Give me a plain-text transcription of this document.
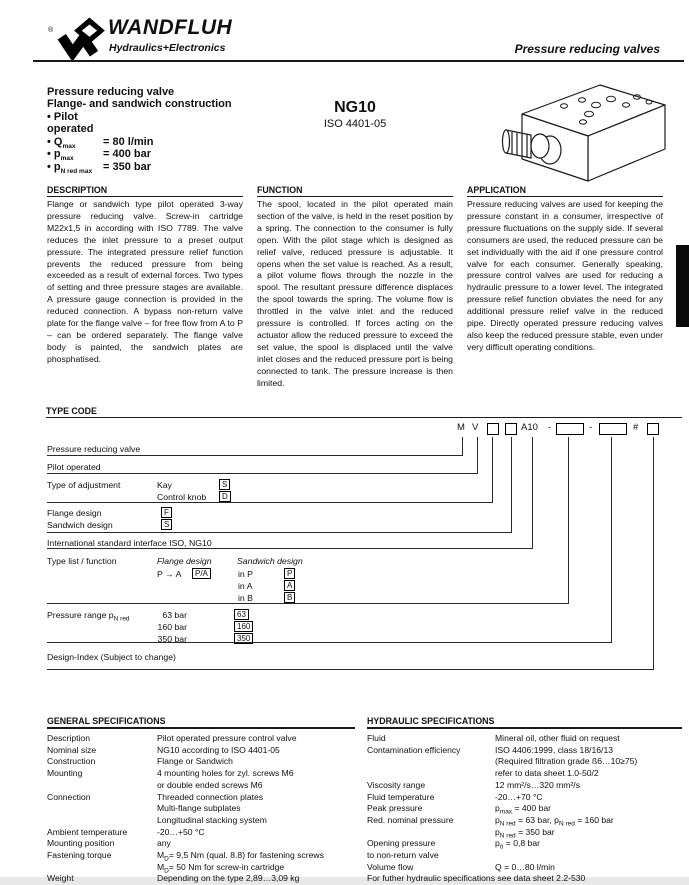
®	WANDFLUH
Hydraulics+Electronics	Pressure reducing valves
Pressure reducing valve
Flange- and sandwich construction
• Pilot operated
• $Q_{max}$	= 80 l/min
• $p_{max}$	= 400 bar
• $p_{N red max} = 350$ bar
NG10
ISO 4401-05
DESCRIPTION

Flange or sandwich type pilot operated 3-way pressure reducing valve. Screw-in cartridge M22x1,5 in according with ISO 7789. The valve reduces the inlet pressure to a preset output pressure. The integrated pressure relief function prevents the reduced pressure from being exceeded as a result of external forces. Two types of setting and three pressure stages are available. A pressure gauge connection is provided in the reduced connection. A bypass non-return valve plate for the flange valve – for free flow from A to P – can be ordered separately. The flange valve body is painted, the sandwich plates are phosphatised.

FUNCTION

The spool, located in the pilot operated main section of the valve, is held in the reset position by a spring. The connection to the consumer is fully open. With the pilot stage which is designed as relief valve, reduced pressure is adjustable. It opens when the set value is reached. As a result, a pilot volume flows through the nozzle in the spool. The resultant pressure difference displaces the spool towards the spring. The volume flow is throttled in the valve inlet and the reduced pressure is controlled. If forces acting on the actuator allow the reduced pressure to exceed the set value, the spool is displaced until the valve inlet closes and the reduced pressure port is being connected to tank. The pressure increase is then limited.

APPLICATION

Pressure reducing valves are used for keeping the pressure constant in a consumer, irrespective of pressure fluctuations on the supply side. If several consumers are used, the reduced pressure can be set individually with the aid if one pressure control valve for each consumer. Generally speaking, pressure control valves are used for reducing a hydraulic pressure to a lower level. The integrated pressure relief function obviates the need for any additional pressure relief valve in the reduced pipe. Directly operated pressure reducing valves also keep the reduced pressure stable, even under very difficult operating conditions.

TYPE CODE
M V	A10 -	-	#
Pressure reducing valve
Pilot operated
Type of adjustment	Kay	S
Control knob	D
Flange design	F
Sandwich design	S
International standard interface ISO, NG10
Type list / function	Flange design
P → A	P/A
Sandwich design
in P	P
in A	A
in B	B
Pressure range $p_{N red}$	63 bar	63
160 bar	160
350 bar	350
Design-Index (Subject to change)
GENERAL SPECIFICATIONS
Description	Pilot operated pressure control valve
Nominal size	NG10 according to ISO 4401-05
Construction	Flange or Sandwich
Mounting	4 mounting holes for zyl. screws M6
or double ended screws M6
Connection	Threaded connection plates
Multi-flange subplates
Longitudinal stacking system
Ambient temperature	-20…+50 °C
Mounting position	any
Fastening torque	$M_D= 9,5$ Nm (qual. 8.8) for fastening screws
$M_D= 50$ Nm for screw-in cartridge
Weight	Depending on the type 2,89…3,09 kg
HYDRAULIC SPECIFICATIONS
Fluid	Mineral oil, other fluid on request
Contamination efficiency	ISO 4406:1999, class 18/16/13
(Required filtration grade ß6…10≥75)
refer to data sheet 1.0-50/2
Viscosity range	12 mm²/s…320 mm²/s
Fluid temperature	-20…+70 °C
Peak pressure	$p_{max} = 400$ bar
Red. nominal pressure	$p_{N red} = 63$ bar, $p_{N red} = 160$ bar
$p_{N red} = 350$ bar
Opening pressure	$p_ö = 0,8$ bar
to non-return valve
Volume flow	Q = 0…80 l/min
For futher hydraulic specifications see data sheet 2.2-530
